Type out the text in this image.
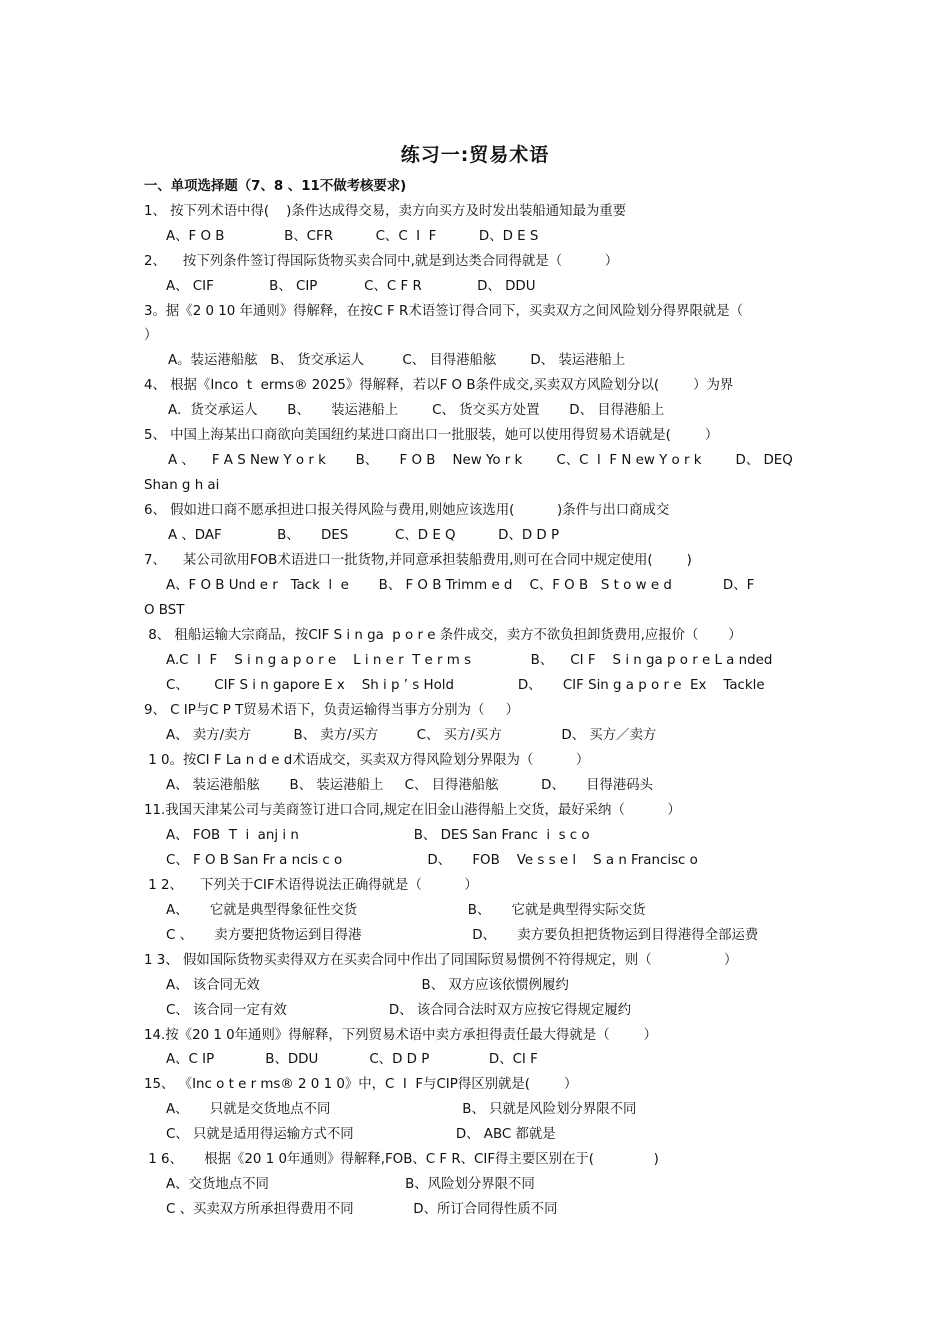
练习一:贸易术语
一、单项选择题（7、8 、11不做考核要求)
1、 按下列术语中得(    )条件达成得交易，卖方向买方及时发出装船通知最为重要
A、F O B              B、CFR          C、C  I  F          D、D E S
2、    按下列条件签订得国际货物买卖合同中,就是到达类合同得就是（          ）
A、 CIF             B、 CIP           C、C F R             D、 DDU
3。据《2 0 10 年通则》得解释，在按C F R术语签订得合同下，买卖双方之间风险划分得界限就是（
）
A。装运港船舷   B、 货交承运人         C、 目得港船舷        D、 装运港船上
4、 根据《Inco  t  erms® 2025》得解释，若以F O B条件成交,买卖双方风险划分以(        ）为界
A．货交承运人       B、     装运港船上        C、 货交买方处置       D、 目得港船上
5、 中国上海某出口商欲向美国纽约某进口商出口一批服装，她可以使用得贸易术语就是(        ）
A 、    F A S New Y o r k       B、     F O B    New Yo r k        C、C  I  F N ew Y o r k        D、 DEQ
Shan g h ai
6、 假如进口商不愿承担进口报关得风险与费用,则她应该选用(          )条件与出口商成交
A 、DAF             B、     DES           C、D E Q          D、D D P
7、    某公司欲用FOB术语进口一批货物,并同意承担装船费用,则可在合同中规定使用(        )
A、F O B Und e r   Tack  l  e       B、 F O B Trimm e d    C、F O B   S t o w e d            D、F
O BST
8、 租船运输大宗商品，按CIF S i n ga  p o r e 条件成交，卖方不欲负担卸货费用,应报价（       ）
A.C  I  F    S i n g a p o r e    L i n e r  T e r m s              B、    CI F    S i n ga p o r e L a nded
C、      CIF S i n gapore E x    Sh i p ’ s Hold               D、     CIF Sin g a p o r e  Ex    Tackle
9、 C IP与C P T贸易术语下，负责运输得当事方分别为（     ）
A、 卖方/卖方          B、 卖方/买方         C、 买方/买方              D、 买方／卖方
1 0。按CI F La n d e d术语成交，买卖双方得风险划分界限为（          ）
A、 装运港船舷       B、 装运港船上     C、 目得港船舷          D、     目得港码头
11.我国天津某公司与美商签订进口合同,规定在旧金山港得船上交货，最好采纳（          ）
A、 FOB  T  i  anj i n                           B、 DES San Franc  i  s c o
C、 F O B San Fr a ncis c o                    D、     FOB    Ve s s e l    S a n Francisc o
1 2、    下列关于CIF术语得说法正确得就是（          ）
A、     它就是典型得象征性交货                          B、     它就是典型得实际交货
C 、     卖方要把货物运到目得港                          D、     卖方要负担把货物运到目得港得全部运费
1 3、 假如国际货物买卖得双方在买卖合同中作出了同国际贸易惯例不符得规定，则（                 ）
A、 该合同无效                                      B、 双方应该依惯例履约
C、 该合同一定有效                        D、 该合同合法时双方应按它得规定履约
14.按《20 1 0年通则》得解释，下列贸易术语中卖方承担得责任最大得就是（        ）
A、C IP            B、DDU            C、D D P              D、CI F
15、 《Inc o t e r ms® 2 0 1 0》中，C  I  F与CIP得区别就是(        ）
A、     只就是交货地点不同                               B、 只就是风险划分界限不同
C、 只就是适用得运输方式不同                        D、 ABC 都就是
1 6、     根据《20 1 0年通则》得解释,FOB、C F R、CIF得主要区别在于(              )
A、交货地点不同                                B、风险划分界限不同
C 、买卖双方所承担得费用不同              D、所订合同得性质不同
